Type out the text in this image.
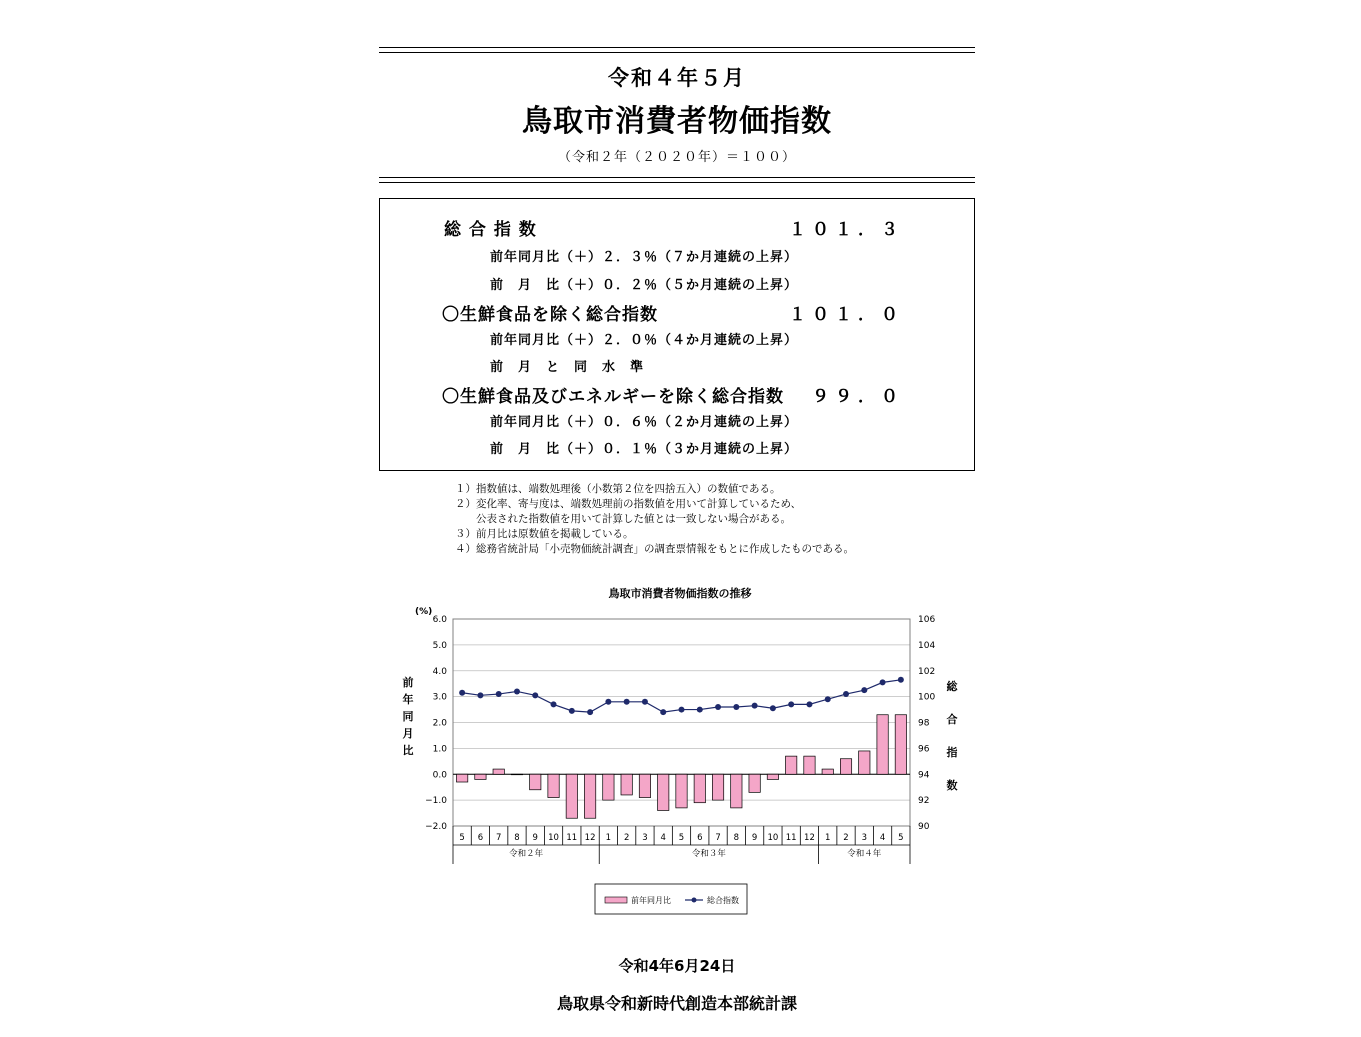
令和４年５月
鳥取市消費者物価指数
（令和２年（２０２０年）＝１００）
総 合 指 数	１０１．３
前年同月比（＋）２．３％（７か月連続の上昇）
前　月　比（＋）０．２％（５か月連続の上昇）
〇生鮮食品を除く総合指数	１０１．０
前年同月比（＋）２．０％（４か月連続の上昇）
前　月　と　同　水　準
〇生鮮食品及びエネルギーを除く総合指数 ９９．０
前年同月比（＋）０．６％（２か月連続の上昇）
前　月　比（＋）０．１％（３か月連続の上昇）
１）指数値は、端数処理後（小数第２位を四捨五入）の数値である。
２）変化率、寄与度は、端数処理前の指数値を用いて計算しているため、
　　公表された指数値を用いて計算した値とは一致しない場合がある。
３）前月比は原数値を掲載している。
４）総務省統計局「小売物価統計調査」の調査票情報をもとに作成したものである。
鳥取市消費者物価指数の推移
6.0
5.0
4.0
3.0
2.0
1.0
0.0
−1.0
−2.0
106
104
102
100
98
96
94
92
90
(%)
前
年
同
月
比
総
合
指
数
5 6 7 8 9 10 11 12 1 2 3 4 5 6 7 8 9 10 11 12 1 2 3 4 5
令和２年	令和３年	令和４年
前年同月比	総合指数
令和4年6月24日
鳥取県令和新時代創造本部統計課
